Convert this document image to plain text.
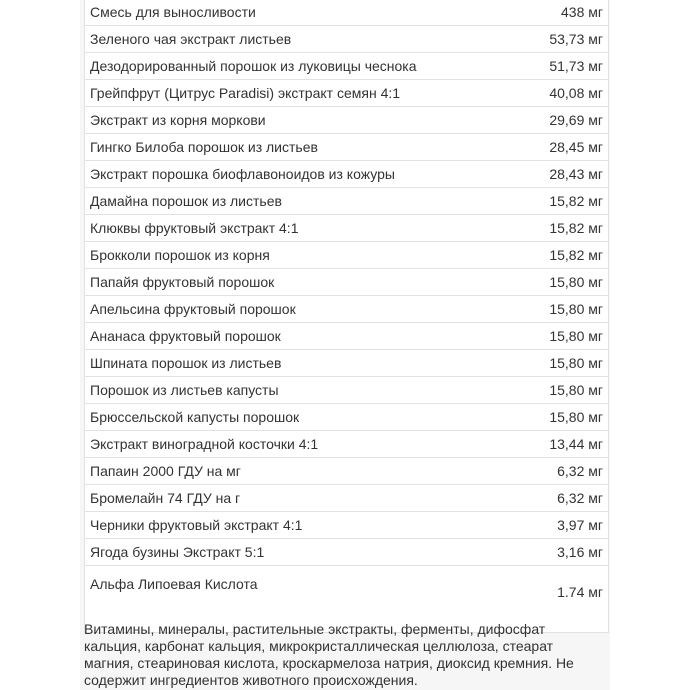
Смесь для выносливости	438 мг
Зеленого чая экстракт листьев	53,73 мг
Дезодорированный порошок из луковицы чеснока	51,73 мг
Грейпфрут (Цитрус Paradisi) экстракт семян 4:1	40,08 мг
Экстракт из корня моркови	29,69 мг
Гингко Билоба порошок из листьев	28,45 мг
Экстракт порошка биофлавоноидов из кожуры	28,43 мг
Дамайна порошок из листьев	15,82 мг
Клюквы фруктовый экстракт 4:1	15,82 мг
Брокколи порошок из корня	15,82 мг
Папайя фруктовый порошок	15,80 мг
Апельсина фруктовый порошок	15,80 мг
Ананаса фруктовый порошок	15,80 мг
Шпината порошок из листьев	15,80 мг
Порошок из листьев капусты	15,80 мг
Брюссельской капусты порошок	15,80 мг
Экстракт виноградной косточки 4:1	13,44 мг
Папаин 2000 ГДУ на мг	6,32 мг
Бромелайн 74 ГДУ на г	6,32 мг
Черники фруктовый экстракт 4:1	3,97 мг
Ягода бузины Экстракт 5:1	3,16 мг
Альфа Липоевая Кислота	1.74 мг

Витамины, минералы, растительные экстракты, ферменты, дифосфат кальция, карбонат кальция, микрокристаллическая целлюлоза, стеарат магния, стеариновая кислота, кроскармелоза натрия, диоксид кремния. Не содержит ингредиентов животного происхождения.
